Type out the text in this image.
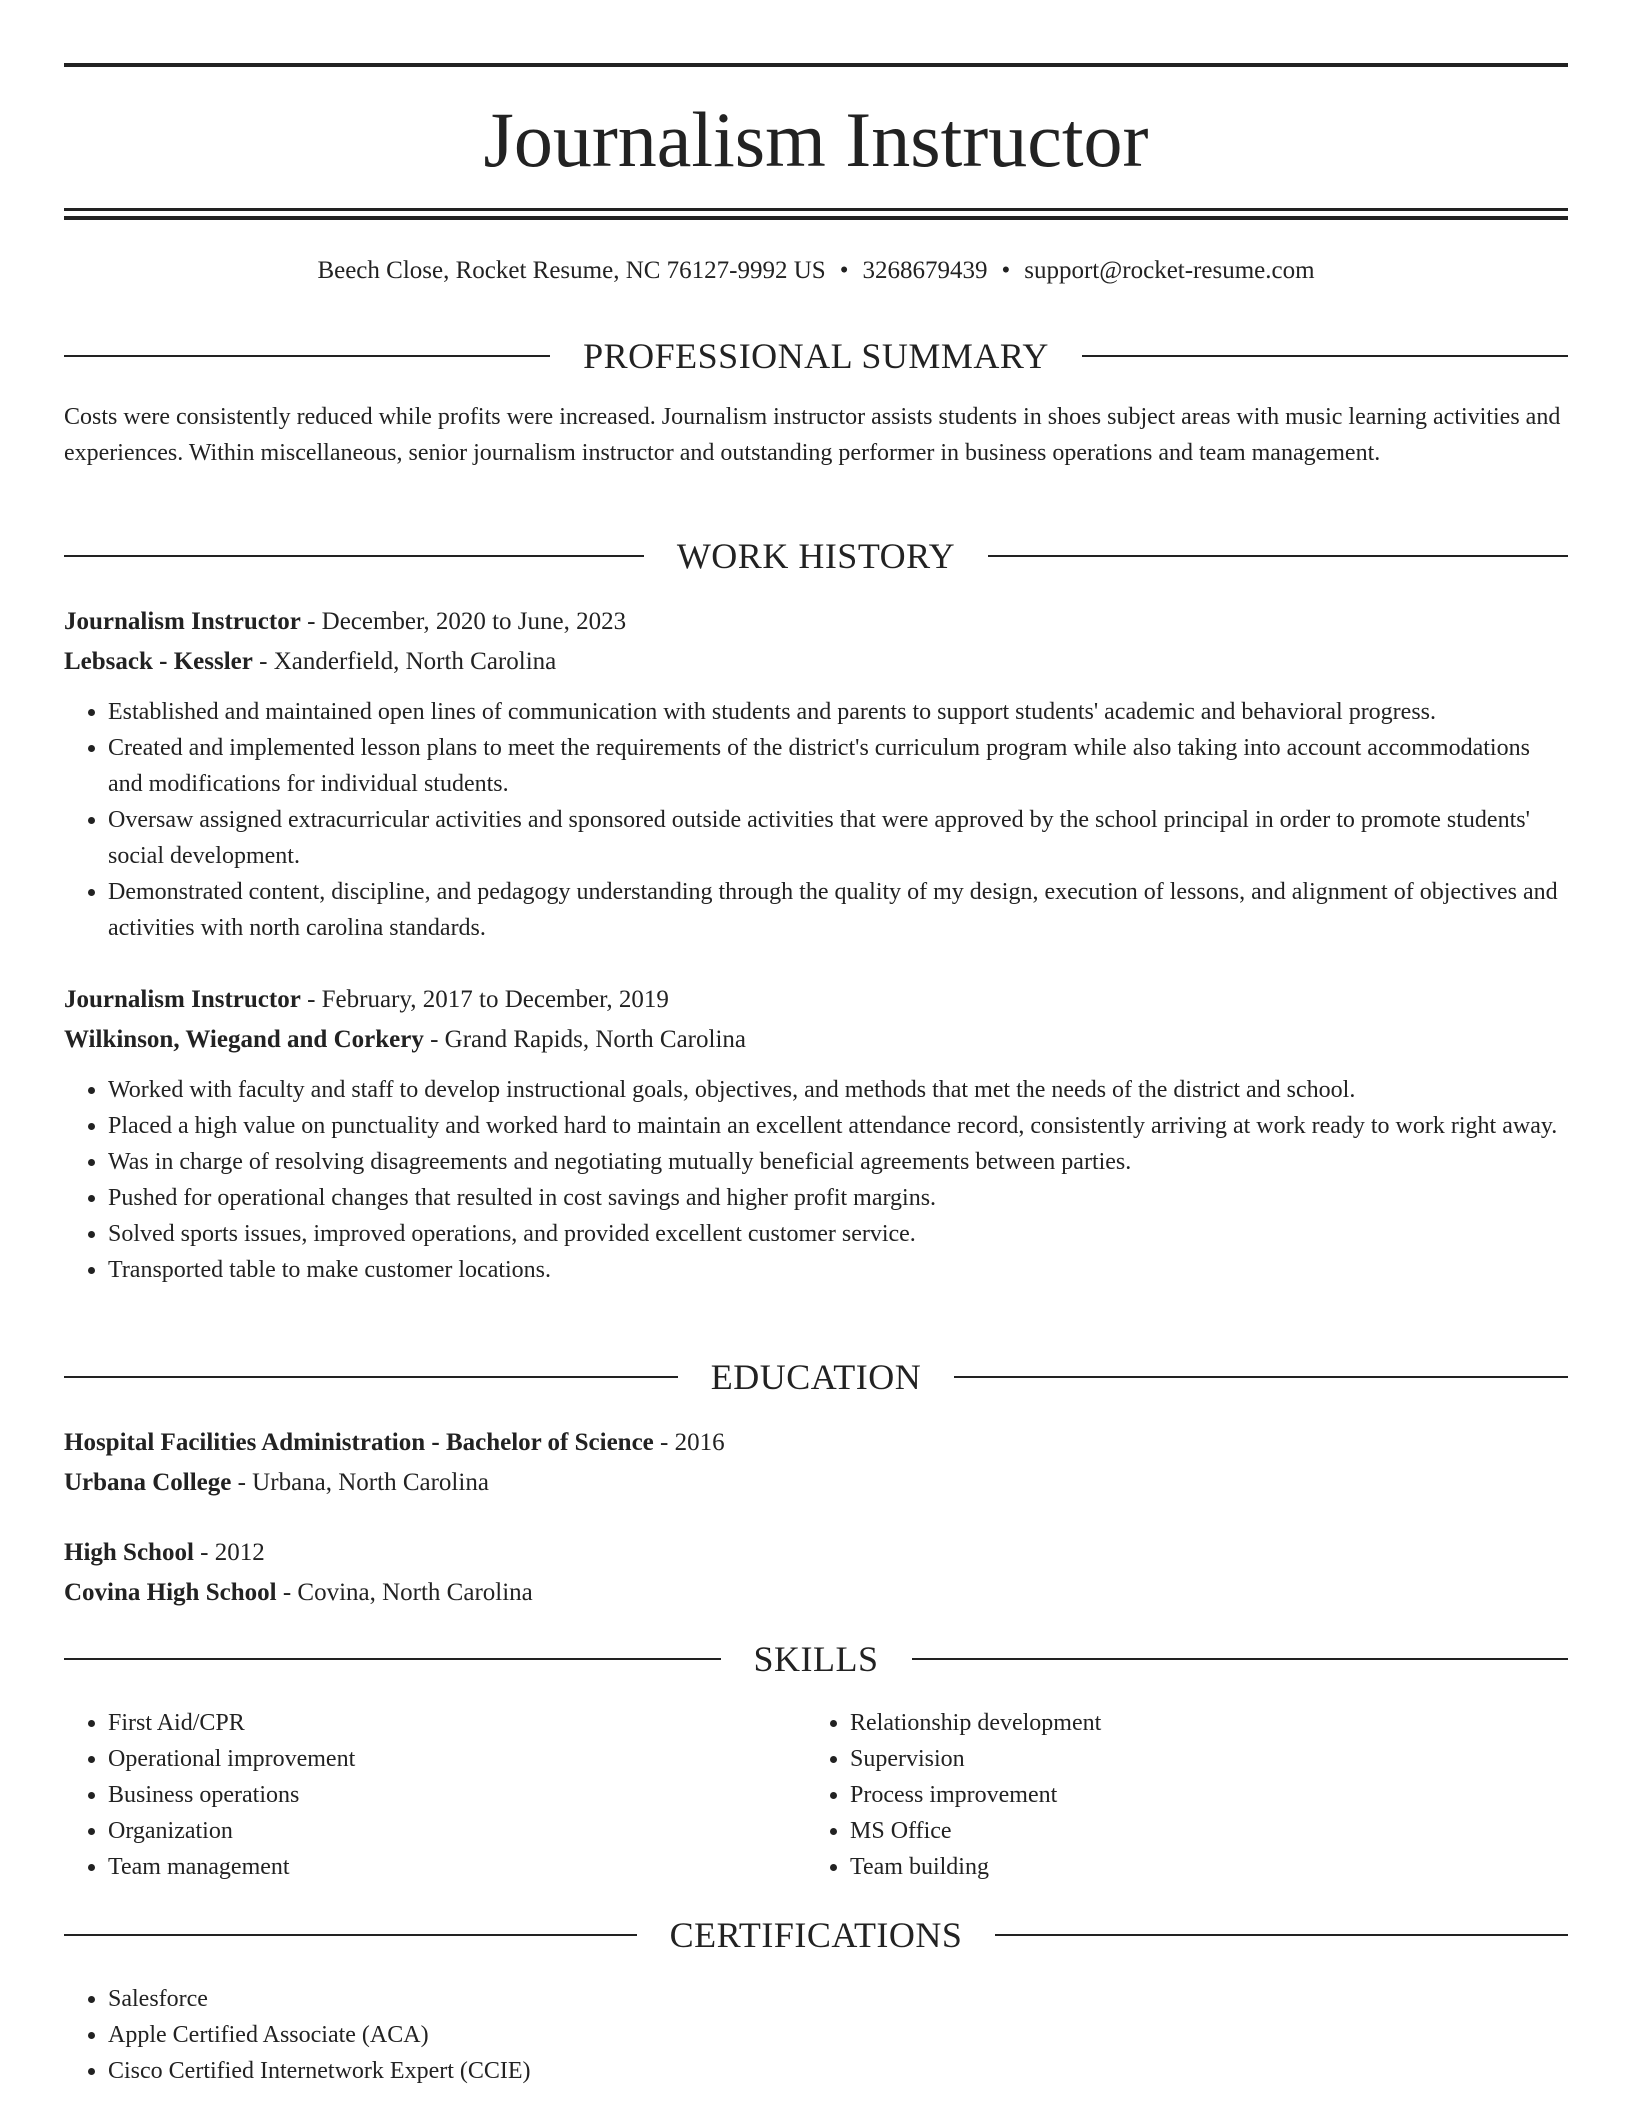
Journalism Instructor
Beech Close, Rocket Resume, NC 76127-9992 US • 3268679439 • support@rocket-resume.com
PROFESSIONAL SUMMARY

Costs were consistently reduced while profits were increased. Journalism instructor assists students in shoes subject areas with music learning activities and experiences. Within miscellaneous, senior journalism instructor and outstanding performer in business operations and team management.

WORK HISTORY
Journalism Instructor - December, 2020 to June, 2023
Lebsack - Kessler - Xanderfield, North Carolina
• Established and maintained open lines of communication with students and parents to support students' academic and behavioral progress.
• Created and implemented lesson plans to meet the requirements of the district's curriculum program while also taking into account accommodations and modifications for individual students.
• Oversaw assigned extracurricular activities and sponsored outside activities that were approved by the school principal in order to promote students' social development.
• Demonstrated content, discipline, and pedagogy understanding through the quality of my design, execution of lessons, and alignment of objectives and activities with north carolina standards.
Journalism Instructor - February, 2017 to December, 2019
Wilkinson, Wiegand and Corkery - Grand Rapids, North Carolina
• Worked with faculty and staff to develop instructional goals, objectives, and methods that met the needs of the district and school.
• Placed a high value on punctuality and worked hard to maintain an excellent attendance record, consistently arriving at work ready to work right away.
• Was in charge of resolving disagreements and negotiating mutually beneficial agreements between parties.
• Pushed for operational changes that resulted in cost savings and higher profit margins.
• Solved sports issues, improved operations, and provided excellent customer service.
• Transported table to make customer locations.
EDUCATION
Hospital Facilities Administration - Bachelor of Science - 2016
Urbana College - Urbana, North Carolina
High School - 2012
Covina High School - Covina, North Carolina
SKILLS
• First Aid/CPR
• Operational improvement
• Business operations
• Organization
• Team management
• Relationship development
• Supervision
• Process improvement
• MS Office
• Team building
CERTIFICATIONS
• Salesforce
• Apple Certified Associate (ACA)
• Cisco Certified Internetwork Expert (CCIE)
